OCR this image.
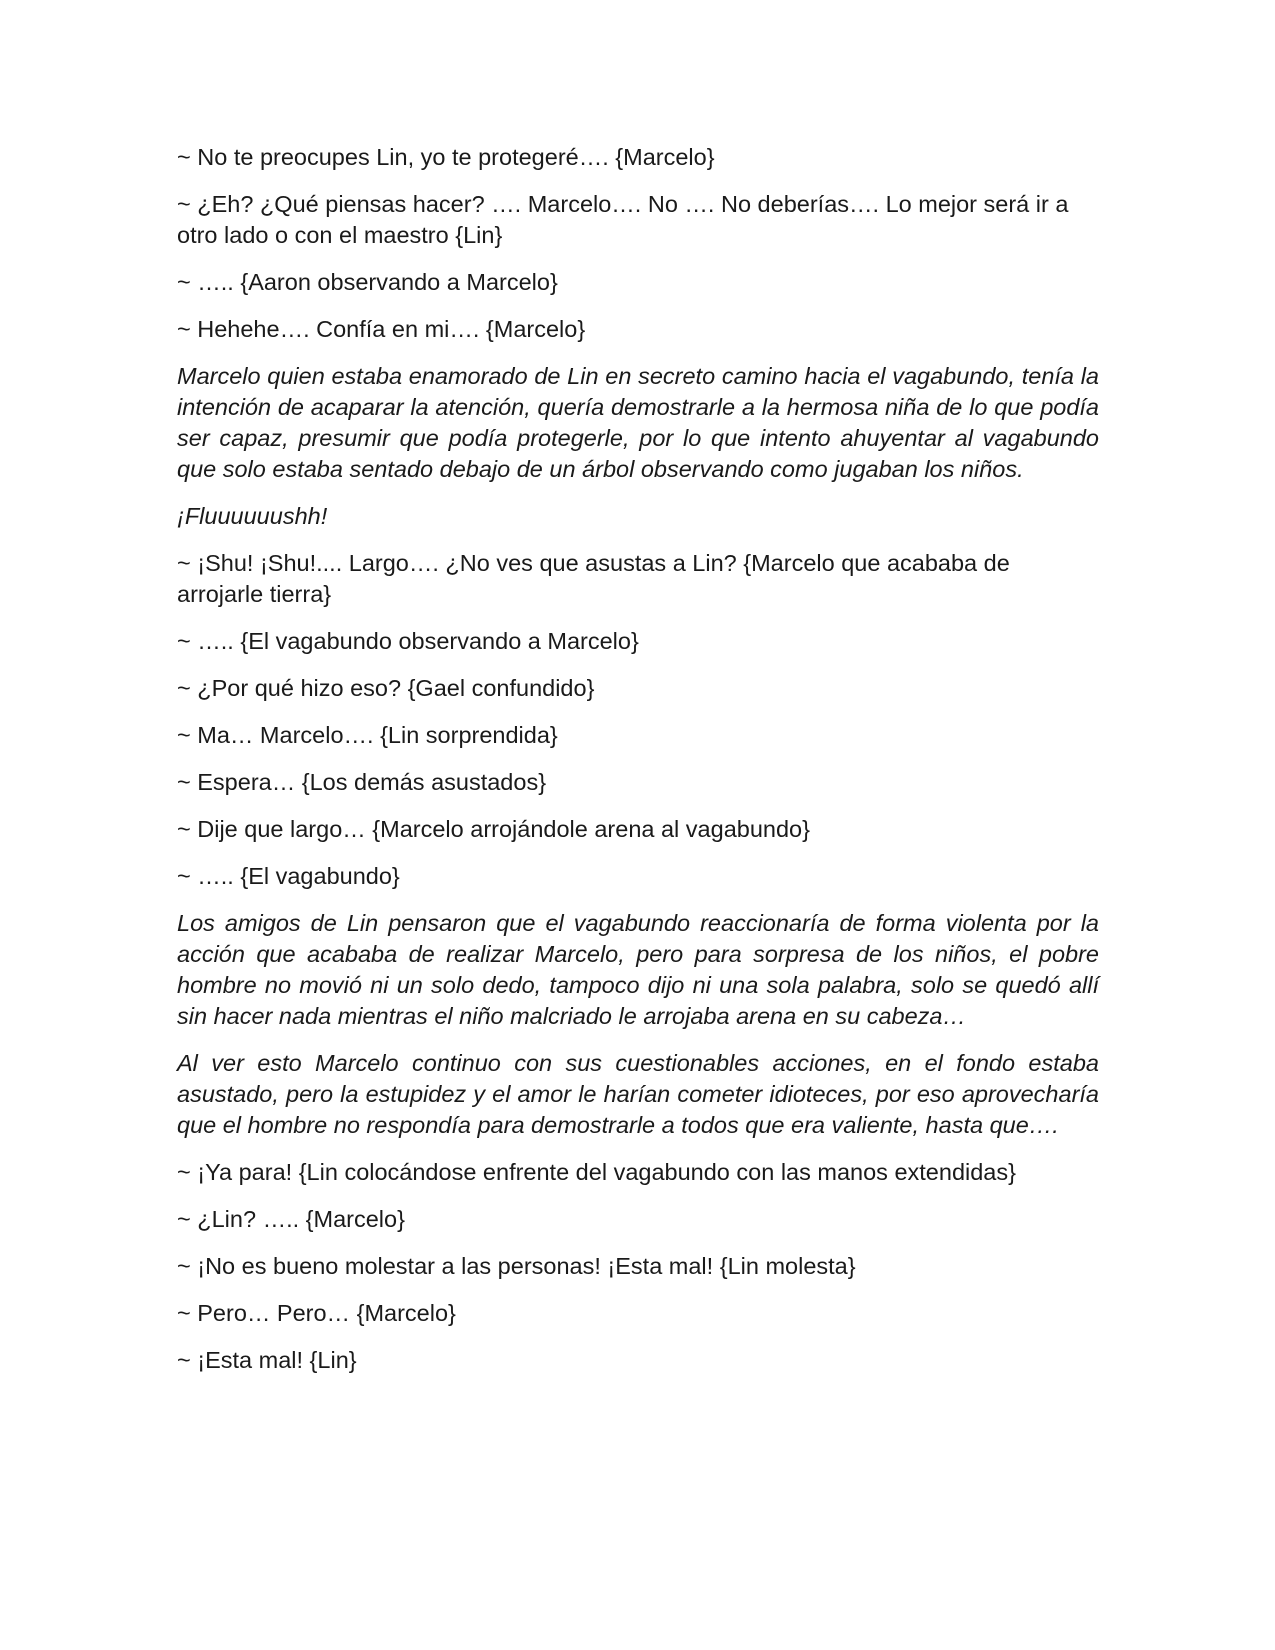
~ No te preocupes Lin, yo te protegeré…. {Marcelo}

~ ¿Eh? ¿Qué piensas hacer? …. Marcelo…. No …. No deberías…. Lo mejor será ir a otro lado o con el maestro {Lin}

~ ….. {Aaron observando a Marcelo}

~ Hehehe…. Confía en mi…. {Marcelo}

Marcelo quien estaba enamorado de Lin en secreto camino hacia el vagabundo, tenía la intención de acaparar la atención, quería demostrarle a la hermosa niña de lo que podía ser capaz, presumir que podía protegerle, por lo que intento ahuyentar al vagabundo que solo estaba sentado debajo de un árbol observando como jugaban los niños.

¡Fluuuuuushh!

~ ¡Shu! ¡Shu!.... Largo…. ¿No ves que asustas a Lin? {Marcelo que acababa de arrojarle tierra}

~ ….. {El vagabundo observando a Marcelo}

~ ¿Por qué hizo eso? {Gael confundido}

~ Ma… Marcelo…. {Lin sorprendida}

~ Espera… {Los demás asustados}

~ Dije que largo… {Marcelo arrojándole arena al vagabundo}

~ ….. {El vagabundo}

Los amigos de Lin pensaron que el vagabundo reaccionaría de forma violenta por la acción que acababa de realizar Marcelo, pero para sorpresa de los niños, el pobre hombre no movió ni un solo dedo, tampoco dijo ni una sola palabra, solo se quedó allí sin hacer nada mientras el niño malcriado le arrojaba arena en su cabeza…

Al ver esto Marcelo continuo con sus cuestionables acciones, en el fondo estaba asustado, pero la estupidez y el amor le harían cometer idioteces, por eso aprovecharía que el hombre no respondía para demostrarle a todos que era valiente, hasta que….

~ ¡Ya para! {Lin colocándose enfrente del vagabundo con las manos extendidas}

~ ¿Lin? ….. {Marcelo}

~ ¡No es bueno molestar a las personas! ¡Esta mal! {Lin molesta}

~ Pero… Pero… {Marcelo}

~ ¡Esta mal! {Lin}
